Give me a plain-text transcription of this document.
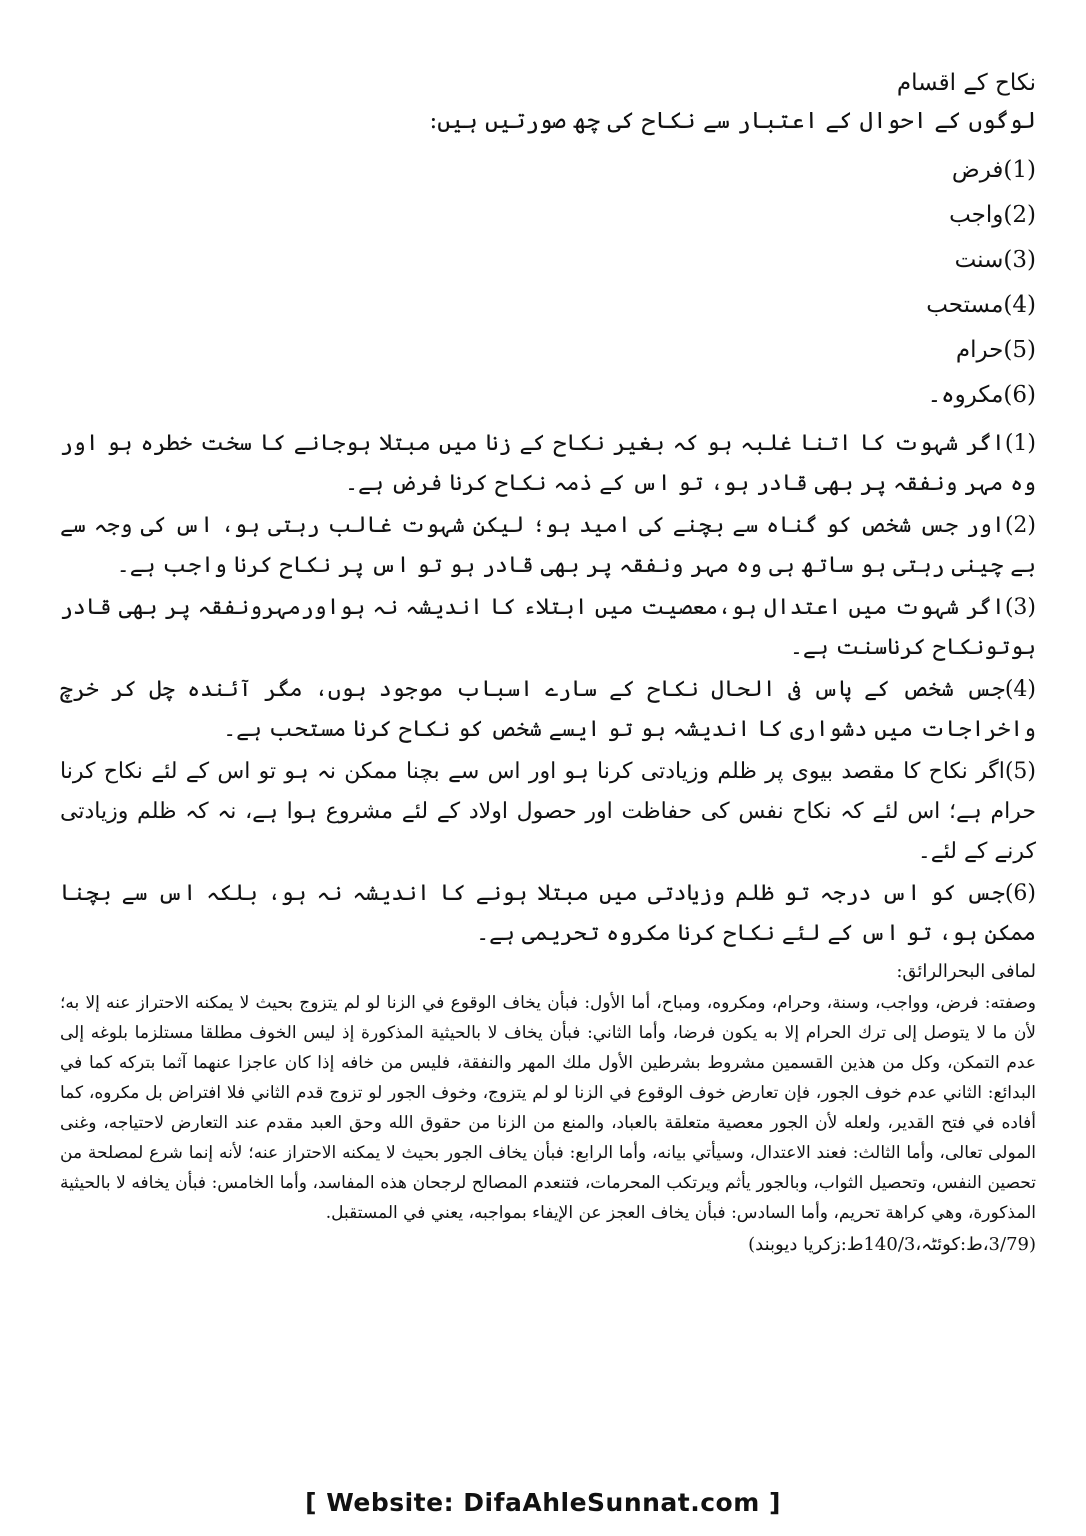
نکاح کے اقسام
لوگوں کے احوال کے اعتبار سے نکاح کی چھ صورتیں ہیں:
(1)فرض
(2)واجب
(3)سنت
(4)مستحب
(5)حرام
(6)مکروہ۔

(1)اگر شہوت کا اتنا غلبہ ہو کہ بغیر نکاح کے زنا میں مبتلا ہوجانے کا سخت خطرہ ہو اور وہ مہر ونفقہ پر بھی قادر ہو، تو اس کے ذمہ نکاح کرنا فرض ہے۔

(2)اور جس شخص کو گناہ سے بچنے کی امید ہو؛ لیکن شہوت غالب رہتی ہو، اس کی وجہ سے بے چینی رہتی ہو ساتھ ہی وہ مہر ونفقہ پر بھی قادر ہو تو اس پر نکاح کرنا واجب ہے۔

(3)اگر شہوت میں اعتدال ہو،معصیت میں ابتلاء کا اندیشہ نہ ہواورمہرونفقہ پر بھی قادر ہوتونکاح کرناسنت ہے۔

(4)جس شخص کے پاس فی الحال نکاح کے سارے اسباب موجود ہوں، مگر آئندہ چل کر خرچ واخراجات میں دشواری کا اندیشہ ہو تو ایسے شخص کو نکاح کرنا مستحب ہے۔

(5)اگر نکاح کا مقصد بیوی پر ظلم وزیادتی کرنا ہو اور اس سے بچنا ممکن نہ ہو تو اس کے لئے نکاح کرنا حرام ہے؛ اس لئے کہ نکاح نفس کی حفاظت اور حصول اولاد کے لئے مشروع ہوا ہے، نہ کہ ظلم وزیادتی کرنے کے لئے۔

(6)جس کو اس درجہ تو ظلم وزیادتی میں مبتلا ہونے کا اندیشہ نہ ہو، بلکہ اس سے بچنا ممکن ہو، تو اس کے لئے نکاح کرنا مکروہ تحریمی ہے۔

لمافی البحرالرائق:

وصفته: فرض، وواجب، وسنة، وحرام، ومكروه، ومباح، أما الأول: فبأن يخاف الوقوع في الزنا لو لم يتزوج بحيث لا يمكنه الاحتراز عنه إلا به؛ لأن ما لا يتوصل إلى ترك الحرام إلا به يكون فرضا، وأما الثاني: فبأن يخاف لا بالحيثية المذكورة إذ ليس الخوف مطلقا مستلزما بلوغه إلى عدم التمكن، وكل من هذين القسمين مشروط بشرطين الأول ملك المهر والنفقة، فليس من خافه إذا كان عاجزا عنهما آثما بتركه كما في البدائع: الثاني عدم خوف الجور، فإن تعارض خوف الوقوع في الزنا لو لم يتزوج، وخوف الجور لو تزوج قدم الثاني فلا افتراض بل مكروه، كما أفاده في فتح القدير، ولعله لأن الجور معصية متعلقة بالعباد، والمنع من الزنا من حقوق الله وحق العبد مقدم عند التعارض لاحتياجه، وغنى المولى تعالى، وأما الثالث: فعند الاعتدال، وسيأتي بيانه، وأما الرابع: فبأن يخاف الجور بحيث لا يمكنه الاحتراز عنه؛ لأنه إنما شرع لمصلحة من تحصين النفس، وتحصيل الثواب، وبالجور يأثم ويرتكب المحرمات، فتنعدم المصالح لرجحان هذه المفاسد، وأما الخامس: فبأن يخافه لا بالحيثية المذكورة، وهي كراهة تحريم، وأما السادس: فبأن يخاف العجز عن الإيفاء بمواجبه، يعني في المستقبل.

(3/79،ط:کوئٹہ،140/3ط:زکریا دیوبند)
[ Website: DifaAhleSunnat.com ]
